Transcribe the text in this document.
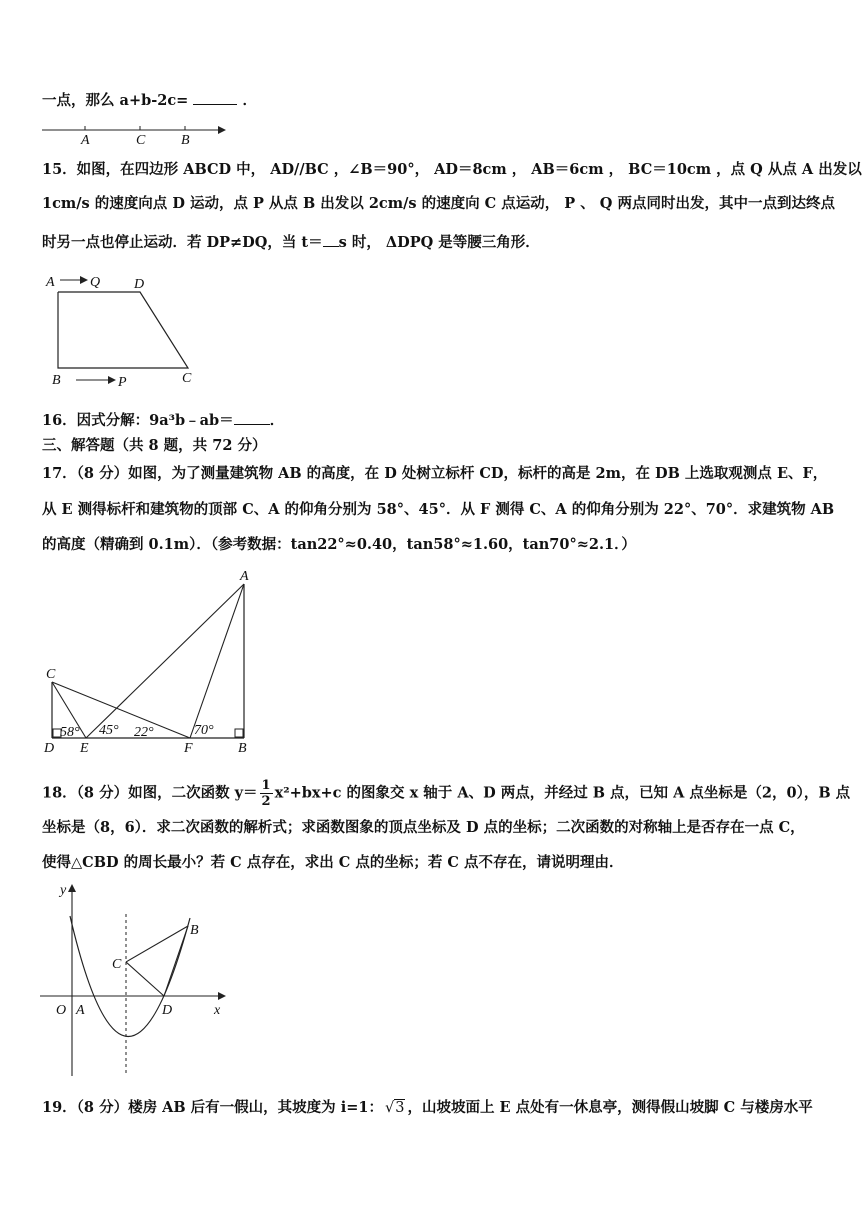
一点，那么 a+b-2c=	．
A	C	B
15．如图，在四边形 ABCD 中， AD//BC ，∠B＝90°， AD＝8cm ， AB＝6cm ， BC＝10cm ，点 Q 从点 A 出发以
1cm/s 的速度向点 D 运动，点 P 从点 B 出发以 2cm/s 的速度向 C 点运动， P 、 Q 两点同时出发，其中一点到达终点
时另一点也停止运动．若 DP≠DQ，当 t＝ s 时， ΔDPQ 是等腰三角形．
A	Q D
B	P	C
16．因式分解：9a³b﹣ab＝ ．
三、解答题（共 8 题，共 72 分）
17．（8 分）如图，为了测量建筑物 AB 的高度，在 D 处树立标杆 CD，标杆的高是 2m，在 DB 上选取观测点 E、F，
从 E 测得标杆和建筑物的顶部 C、A 的仰角分别为 58°、45°．从 F 测得 C、A 的仰角分别为 22°、70°．求建筑物 AB
的高度（精确到 0.1m）．（参考数据：tan22°≈0.40，tan58°≈1.60，tan70°≈2.1．）
A
C
D E	F	B
58° 45° 22°	70°
18．（8 分）如图，二次函数 $y= \frac{1}{2} x^2+bx+c$ 的图象交 x 轴于 A、D 两点，并经过 B 点，已知 A 点坐标是（2，0），B 点
坐标是（8，6）．求二次函数的解析式；求函数图象的顶点坐标及 D 点的坐标；二次函数的对称轴上是否存在一点 C，
使得△CBD 的周长最小？若 C 点存在，求出 C 点的坐标；若 C 点不存在，请说明理由．
y
x
O A	D
B
C
19．（8 分）楼房 AB 后有一假山，其坡度为 i=1： √3 ，山坡坡面上 E 点处有一休息亭，测得假山坡脚 C 与楼房水平
